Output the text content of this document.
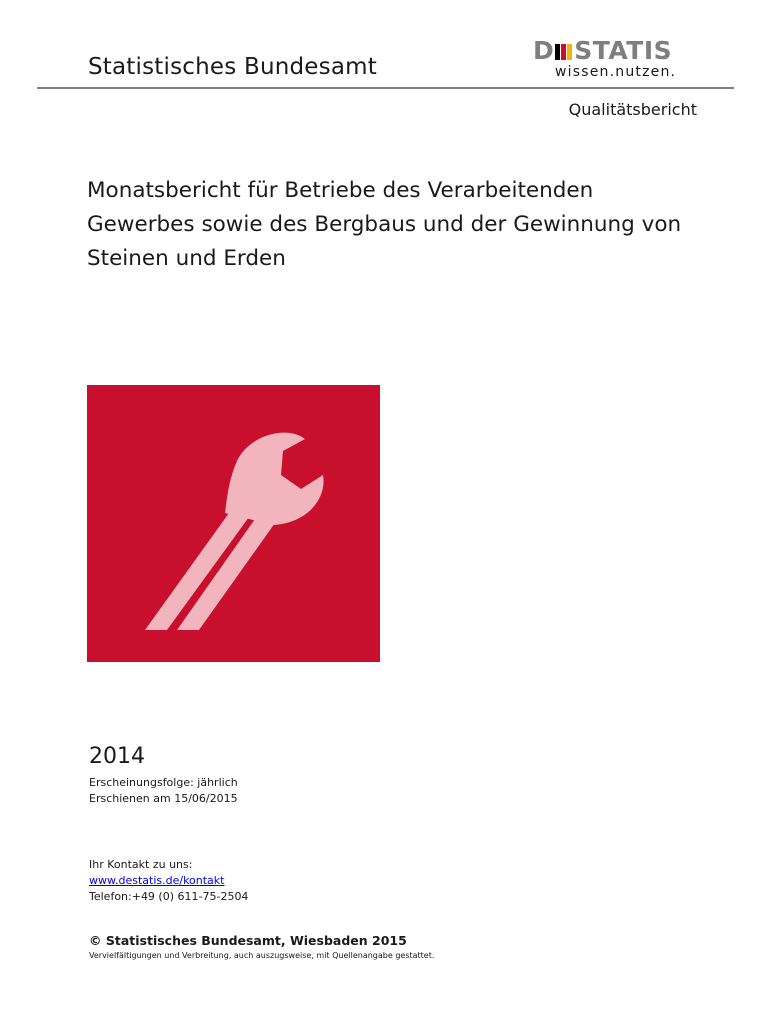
Statistisches Bundesamt
D STATIS
wissen.nutzen.
Qualitätsbericht
Monatsbericht für Betriebe des Verarbeitenden
Gewerbes sowie des Bergbaus und der Gewinnung von
Steinen und Erden
2014
Erscheinungsfolge: jährlich
Erschienen am 15/06/2015
Ihr Kontakt zu uns:
www.destatis.de/kontakt
Telefon:+49 (0) 611-75-2504
© Statistisches Bundesamt, Wiesbaden 2015
Vervielfältigungen und Verbreitung, auch auszugsweise, mit Quellenangabe gestattet.
